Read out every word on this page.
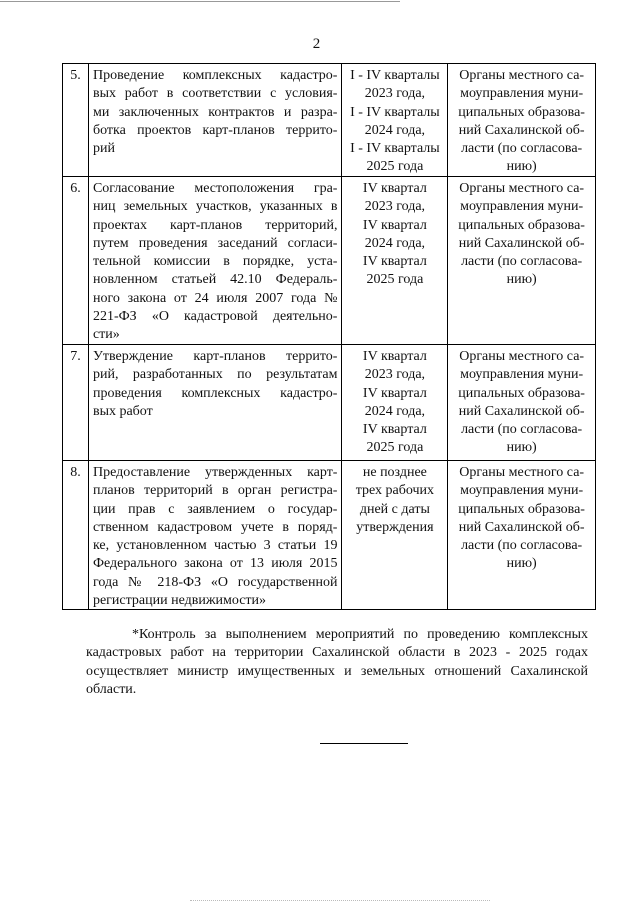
2
5. Проведение комплексных кадастро-
вых работ в соответствии с условия-
ми заключенных контрактов и разра-
ботка проектов карт-планов террито-
рий
I - IV кварталы
2023 года,
I - IV кварталы
2024 года,
I - IV кварталы
2025 года
Органы местного са-
моуправления муни-
ципальных образова-
ний Сахалинской об-
ласти (по согласова-
нию)
6. Согласование местоположения гра-
ниц земельных участков, указанных в
проектах карт-планов территорий,
путем проведения заседаний согласи-
тельной комиссии в порядке, уста-
новленном статьей 42.10 Федераль-
ного закона от 24 июля 2007 года №
221-ФЗ «О кадастровой деятельно-
сти»
IV квартал
2023 года,
IV квартал
2024 года,
IV квартал
2025 года
Органы местного са-
моуправления муни-
ципальных образова-
ний Сахалинской об-
ласти (по согласова-
нию)
7. Утверждение карт-планов террито-
рий, разработанных по результатам
проведения комплексных кадастро-
вых работ
IV квартал
2023 года,
IV квартал
2024 года,
IV квартал
2025 года
Органы местного са-
моуправления муни-
ципальных образова-
ний Сахалинской об-
ласти (по согласова-
нию)
8. Предоставление утвержденных карт-
планов территорий в орган регистра-
ции прав с заявлением о государ-
ственном кадастровом учете в поряд-
ке, установленном частью 3 статьи 19
Федерального закона от 13 июля 2015
года № 218-ФЗ «О государственной
регистрации недвижимости»
не позднее
трех рабочих
дней с даты
утверждения
Органы местного са-
моуправления муни-
ципальных образова-
ний Сахалинской об-
ласти (по согласова-
нию)
*Контроль за выполнением мероприятий по проведению комплексных
кадастровых работ на территории Сахалинской области в 2023 - 2025 годах
осуществляет министр имущественных и земельных отношений Сахалинской
области.
